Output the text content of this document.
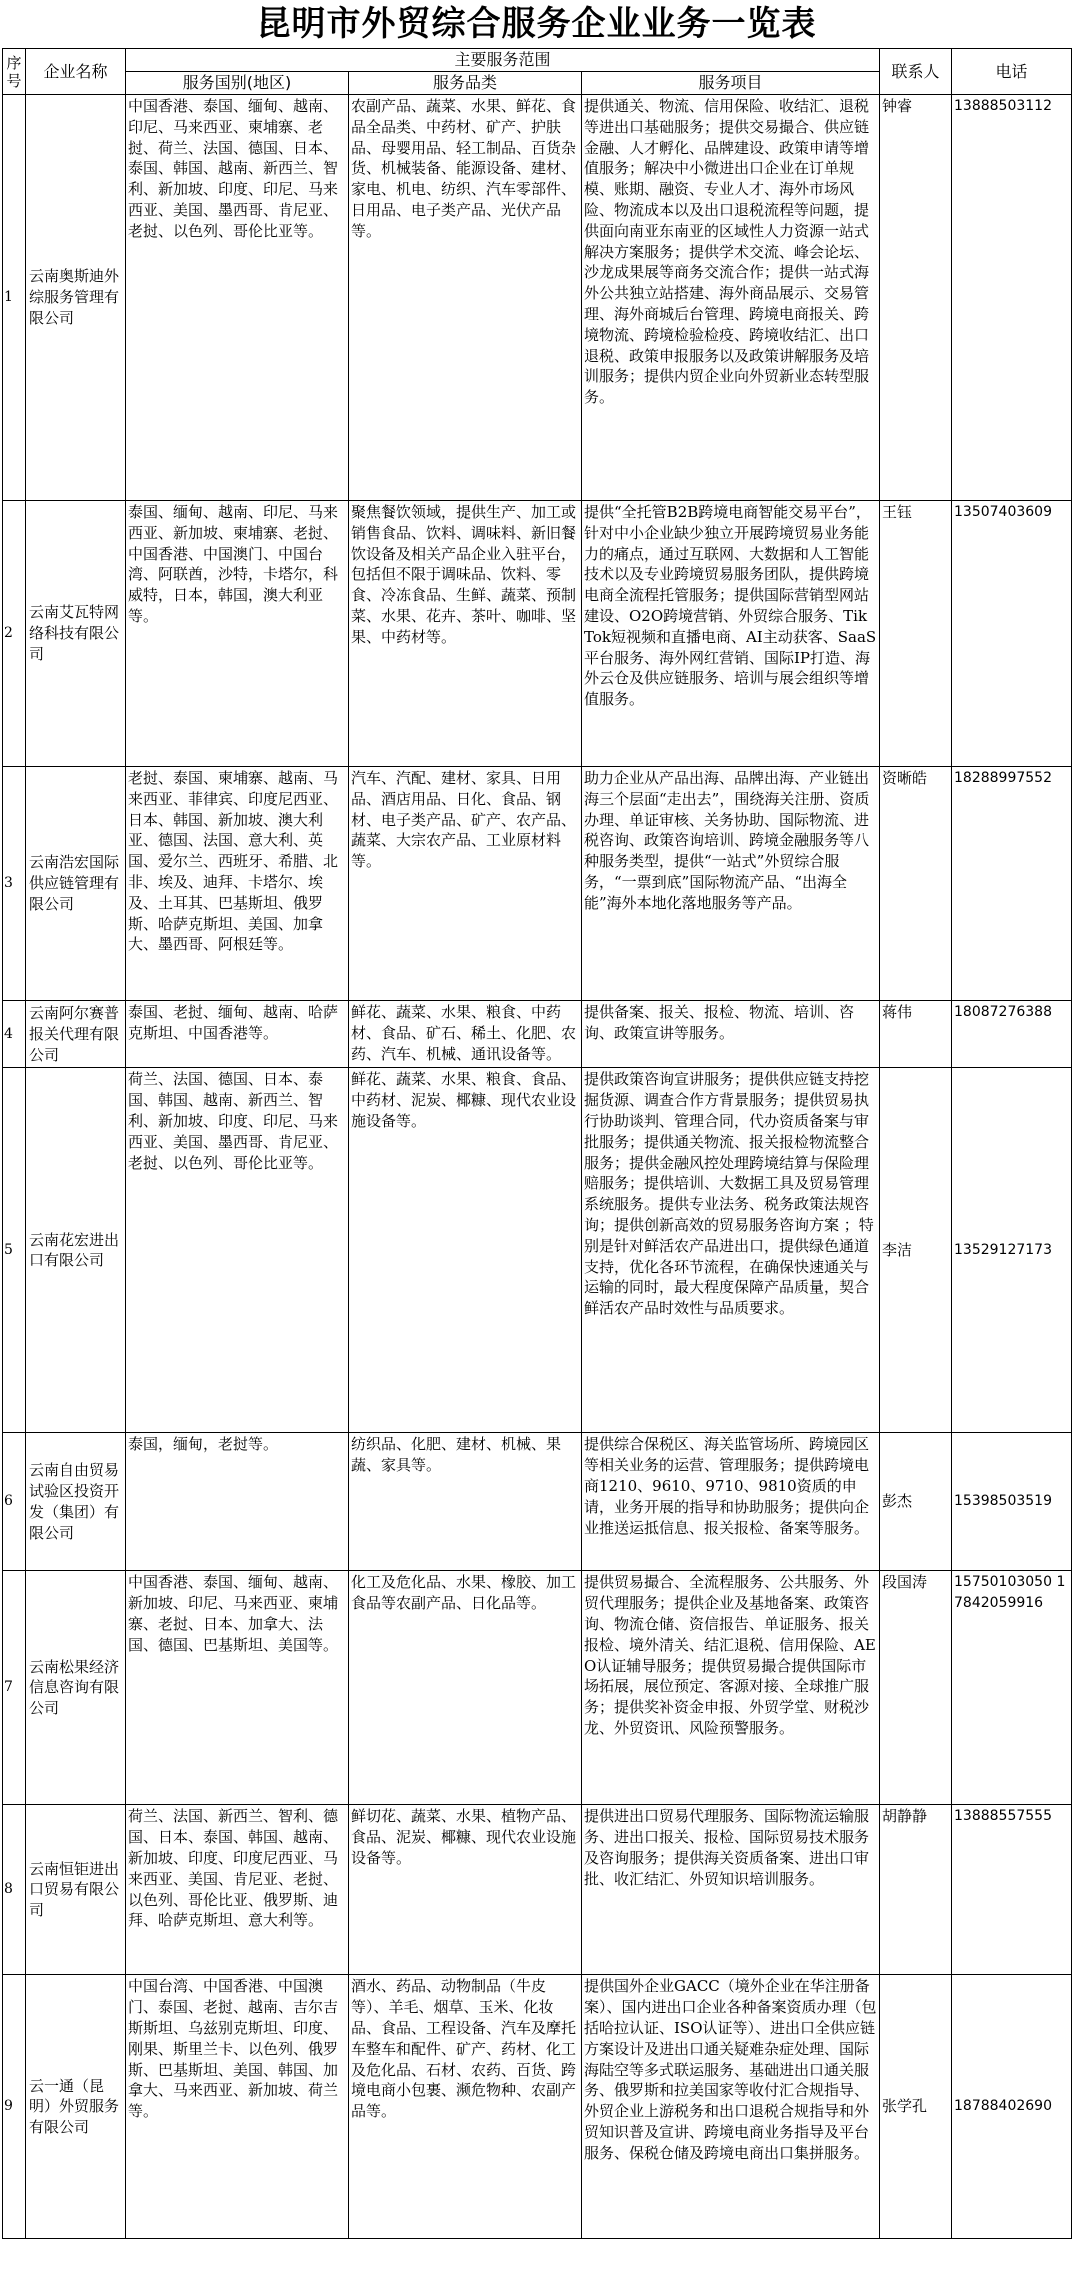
昆明市外贸综合服务企业业务一览表
序号	企业名称	主要服务范围			联系人	电话
		服务国别(地区)	服务品类	服务项目		
1	云南奥斯迪外综服务管理有限公司	中国香港、泰国、缅甸、越南、印尼、马来西亚、柬埔寨、老挝、荷兰、法国、德国、日本、泰国、韩国、越南、新西兰、智利、新加坡、印度、印尼、马来西亚、美国、墨西哥、肯尼亚、老挝、以色列、哥伦比亚等。	农副产品、蔬菜、水果、鲜花、食品全品类、中药材、矿产、护肤品、母婴用品、轻工制品、百货杂货、机械装备、能源设备、建材、家电、机电、纺织、汽车零部件、日用品、电子类产品、光伏产品等。	提供通关、物流、信用保险、收结汇、退税等进出口基础服务；提供交易撮合、供应链金融、人才孵化、品牌建设、政策申请等增值服务；解决中小微进出口企业在订单规模、账期、融资、专业人才、海外市场风险、物流成本以及出口退税流程等问题，提供面向南亚东南亚的区域性人力资源一站式解决方案服务；提供学术交流、峰会论坛、沙龙成果展等商务交流合作；提供一站式海外公共独立站搭建、海外商品展示、交易管理、海外商城后台管理、跨境电商报关、跨境物流、跨境检验检疫、跨境收结汇、出口退税、政策申报服务以及政策讲解服务及培训服务；提供内贸企业向外贸新业态转型服务。	钟睿	13888503112
2	云南艾瓦特网络科技有限公司	泰国、缅甸、越南、印尼、马来西亚、新加坡、柬埔寨、老挝、中国香港、中国澳门、中国台湾、阿联酋，沙特，卡塔尔，科威特，日本，韩国，澳大利亚等。	聚焦餐饮领域，提供生产、加工或销售食品、饮料、调味料、新旧餐饮设备及相关产品企业入驻平台，包括但不限于调味品、饮料、零食、冷冻食品、生鲜、蔬菜、预制菜、水果、花卉、茶叶、咖啡、坚果、中药材等。	提供“全托管B2B跨境电商智能交易平台”，针对中小企业缺少独立开展跨境贸易业务能力的痛点，通过互联网、大数据和人工智能技术以及专业跨境贸易服务团队，提供跨境电商全流程托管服务；提供国际营销型网站建设、O2O跨境营销、外贸综合服务、TikTok短视频和直播电商、AI主动获客、SaaS平台服务、海外网红营销、国际IP打造、海外云仓及供应链服务、培训与展会组织等增值服务。	王钰	13507403609
3	云南浩宏国际供应链管理有限公司	老挝、泰国、柬埔寨、越南、马来西亚、菲律宾、印度尼西亚、日本、韩国、新加坡、澳大利亚、德国、法国、意大利、英国、爱尔兰、西班牙、希腊、北非、埃及、迪拜、卡塔尔、埃及、土耳其、巴基斯坦、俄罗斯、哈萨克斯坦、美国、加拿大、墨西哥、阿根廷等。	汽车、汽配、建材、家具、日用品、酒店用品、日化、食品、钢材、电子类产品、矿产、农产品、蔬菜、大宗农产品、工业原材料等。	助力企业从产品出海、品牌出海、产业链出海三个层面“走出去”，围绕海关注册、资质办理、单证审核、关务协助、国际物流、进税咨询、政策咨询培训、跨境金融服务等八种服务类型，提供“一站式”外贸综合服务，“一票到底”国际物流产品、“出海全能”海外本地化落地服务等产品。	资晰皓	18288997552
4	云南阿尔赛普报关代理有限公司	泰国、老挝、缅甸、越南、哈萨克斯坦、中国香港等。	鲜花、蔬菜、水果、粮食、中药材、食品、矿石、稀土、化肥、农药、汽车、机械、通讯设备等。	提供备案、报关、报检、物流、培训、咨询、政策宣讲等服务。	蒋伟	18087276388
5	云南花宏进出口有限公司	荷兰、法国、德国、日本、泰国、韩国、越南、新西兰、智利、新加坡、印度、印尼、马来西亚、美国、墨西哥、肯尼亚、老挝、以色列、哥伦比亚等。	鲜花、蔬菜、水果、粮食、食品、中药材、泥炭、椰糠、现代农业设施设备等。	提供政策咨询宣讲服务；提供供应链支持挖掘货源、调查合作方背景服务；提供贸易执行协助谈判、管理合同，代办资质备案与审批服务；提供通关物流、报关报检物流整合服务；提供金融风控处理跨境结算与保险理赔服务；提供培训、大数据工具及贸易管理系统服务。提供专业法务、税务政策法规咨询；提供创新高效的贸易服务咨询方案 ；特别是针对鲜活农产品进出口，提供绿色通道支持，优化各环节流程，在确保快速通关与运输的同时，最大程度保障产品质量，契合鲜活农产品时效性与品质要求。	李洁	13529127173
6	云南自由贸易试验区投资开发（集团）有限公司	泰国，缅甸，老挝等。	纺织品、化肥、建材、机械、果蔬、家具等。	提供综合保税区、海关监管场所、跨境园区等相关业务的运营、管理服务；提供跨境电商1210、9610、9710、9810资质的申请，业务开展的指导和协助服务；提供向企业推送运抵信息、报关报检、备案等服务。	彭杰	15398503519
7	云南松果经济信息咨询有限公司	中国香港、泰国、缅甸、越南、新加坡、印尼、马来西亚、柬埔寨、老挝、日本、加拿大、法国、德国、巴基斯坦、美国等。	化工及危化品、水果、橡胶、加工食品等农副产品、日化品等。	提供贸易撮合、全流程服务、公共服务、外贸代理服务；提供企业及基地备案、政策咨询、物流仓储、资信报告、单证服务、报关报检、境外清关、结汇退税、信用保险、AEO认证辅导服务；提供贸易撮合提供国际市场拓展，展位预定、客源对接、全球推广服务；提供奖补资金申报、外贸学堂、财税沙龙、外贸资讯、风险预警服务。	段国涛	15750103050 17842059916
8	云南恒钜进出口贸易有限公司	荷兰、法国、新西兰、智利、德国、日本、泰国、韩国、越南、新加坡、印度、印度尼西亚、马来西亚、美国、肯尼亚、老挝、以色列、哥伦比亚、俄罗斯、迪拜、哈萨克斯坦、意大利等。	鲜切花、蔬菜、水果、植物产品、食品、泥炭、椰糠、现代农业设施设备等。	提供进出口贸易代理服务、国际物流运输服务、进出口报关、报检、国际贸易技术服务及咨询服务；提供海关资质备案、进出口审批、收汇结汇、外贸知识培训服务。	胡静静	13888557555
9	云一通（昆明）外贸服务有限公司	中国台湾、中国香港、中国澳门、泰国、老挝、越南、吉尔吉斯斯坦、乌兹别克斯坦、印度、刚果、斯里兰卡、以色列、俄罗斯、巴基斯坦、美国、韩国、加拿大、马来西亚、新加坡、荷兰等。	酒水、药品、动物制品（牛皮等）、羊毛、烟草、玉米、化妆品、食品、工程设备、汽车及摩托车整车和配件、矿产、药材、化工及危化品、石材、农药、百货、跨境电商小包裹、濒危物种、农副产品等。	提供国外企业GACC（境外企业在华注册备案）、国内进出口企业各种备案资质办理（包括哈拉认证、ISO认证等）、进出口全供应链方案设计及进出口通关疑难杂症处理、国际海陆空等多式联运服务、基础进出口通关服务、俄罗斯和拉美国家等收付汇合规指导、外贸企业上游税务和出口退税合规指导和外贸知识普及宣讲、跨境电商业务指导及平台服务、保税仓储及跨境电商出口集拼服务。	张学孔	18788402690
